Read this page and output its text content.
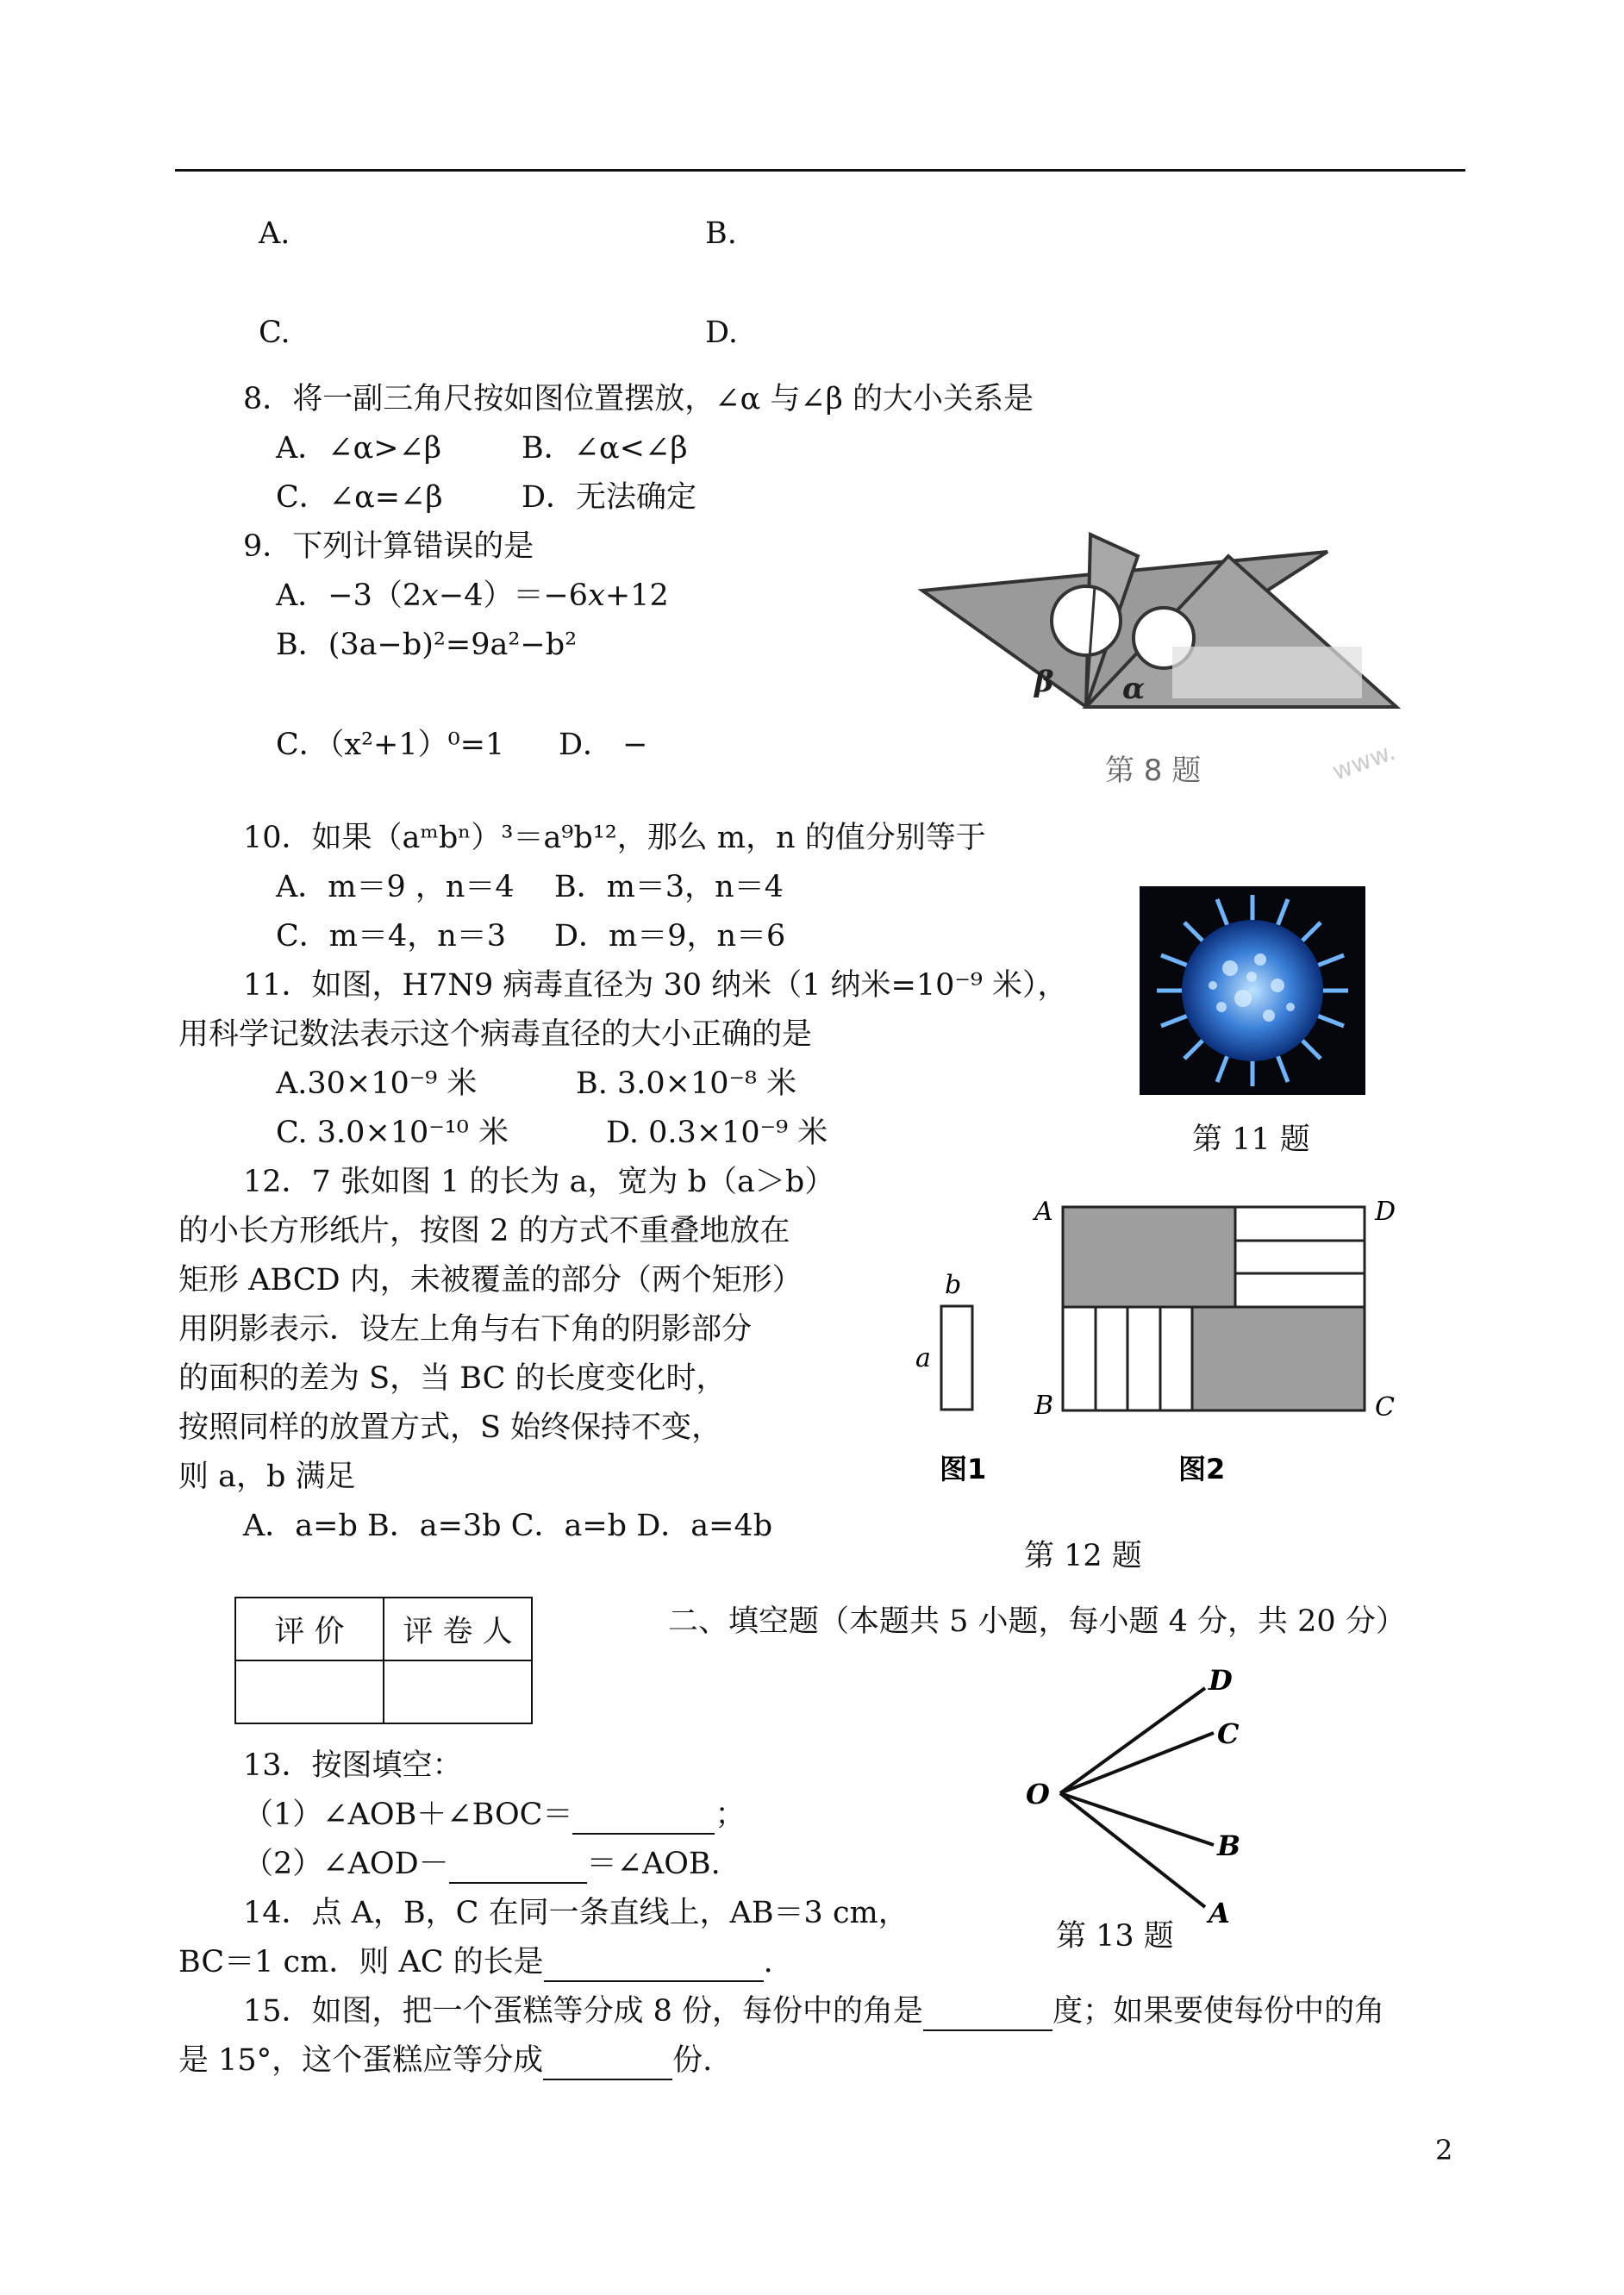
A.	B.
C.	D.
8．将一副三角尺按如图位置摆放，∠α 与∠β 的大小关系是
A．∠α>∠β	B．∠α<∠β
C．∠α=∠β	D．无法确定
β α
第 8 题	www.
9．下列计算错误的是
A．−3（2x−4）＝−6x+12
B．(3a−b)²=9a²−b²
C．（x²+1）⁰=1 D． −
10．如果（aᵐbⁿ）³＝a⁹b¹²，那么 m，n 的值分别等于
A．m＝9 ，n＝4 B．m＝3，n＝4
C．m＝4，n＝3 D．m＝9，n＝6
第 11 题
11．如图，H7N9 病毒直径为 30 纳米（1 纳米=10⁻⁹ 米），
用科学记数法表示这个病毒直径的大小正确的是
A.30×10⁻⁹ 米	B. 3.0×10⁻⁸ 米
C. 3.0×10⁻¹⁰ 米	D. 0.3×10⁻⁹ 米
12．7 张如图 1 的长为 a，宽为 b（a＞b）
的小长方形纸片，按图 2 的方式不重叠地放在
矩形 ABCD 内，未被覆盖的部分（两个矩形）
用阴影表示．设左上角与右下角的阴影部分
的面积的差为 S，当 BC 的长度变化时，
按照同样的放置方式，S 始终保持不变，
则 a，b 满足
A．a=b B．a=3b C．a=b D．a=4b
b
a
图1
A	D
B	C
图2
第 12 题
评 价	评 卷 人
		二、填空题（本题共 5 小题，每小题 4 分，共 20 分）
13．按图填空：
（1）∠AOB＋∠BOC＝	；
（2）∠AOD－	＝∠AOB.
O
D
C
B
A
第 13 题
14．点 A，B，C 在同一条直线上，AB＝3 cm，
BC＝1 cm．则 AC 的长是	.
15．如图，把一个蛋糕等分成 8 份，每份中的角是	度；如果要使每份中的角
是 15°，这个蛋糕应等分成	份.
2
